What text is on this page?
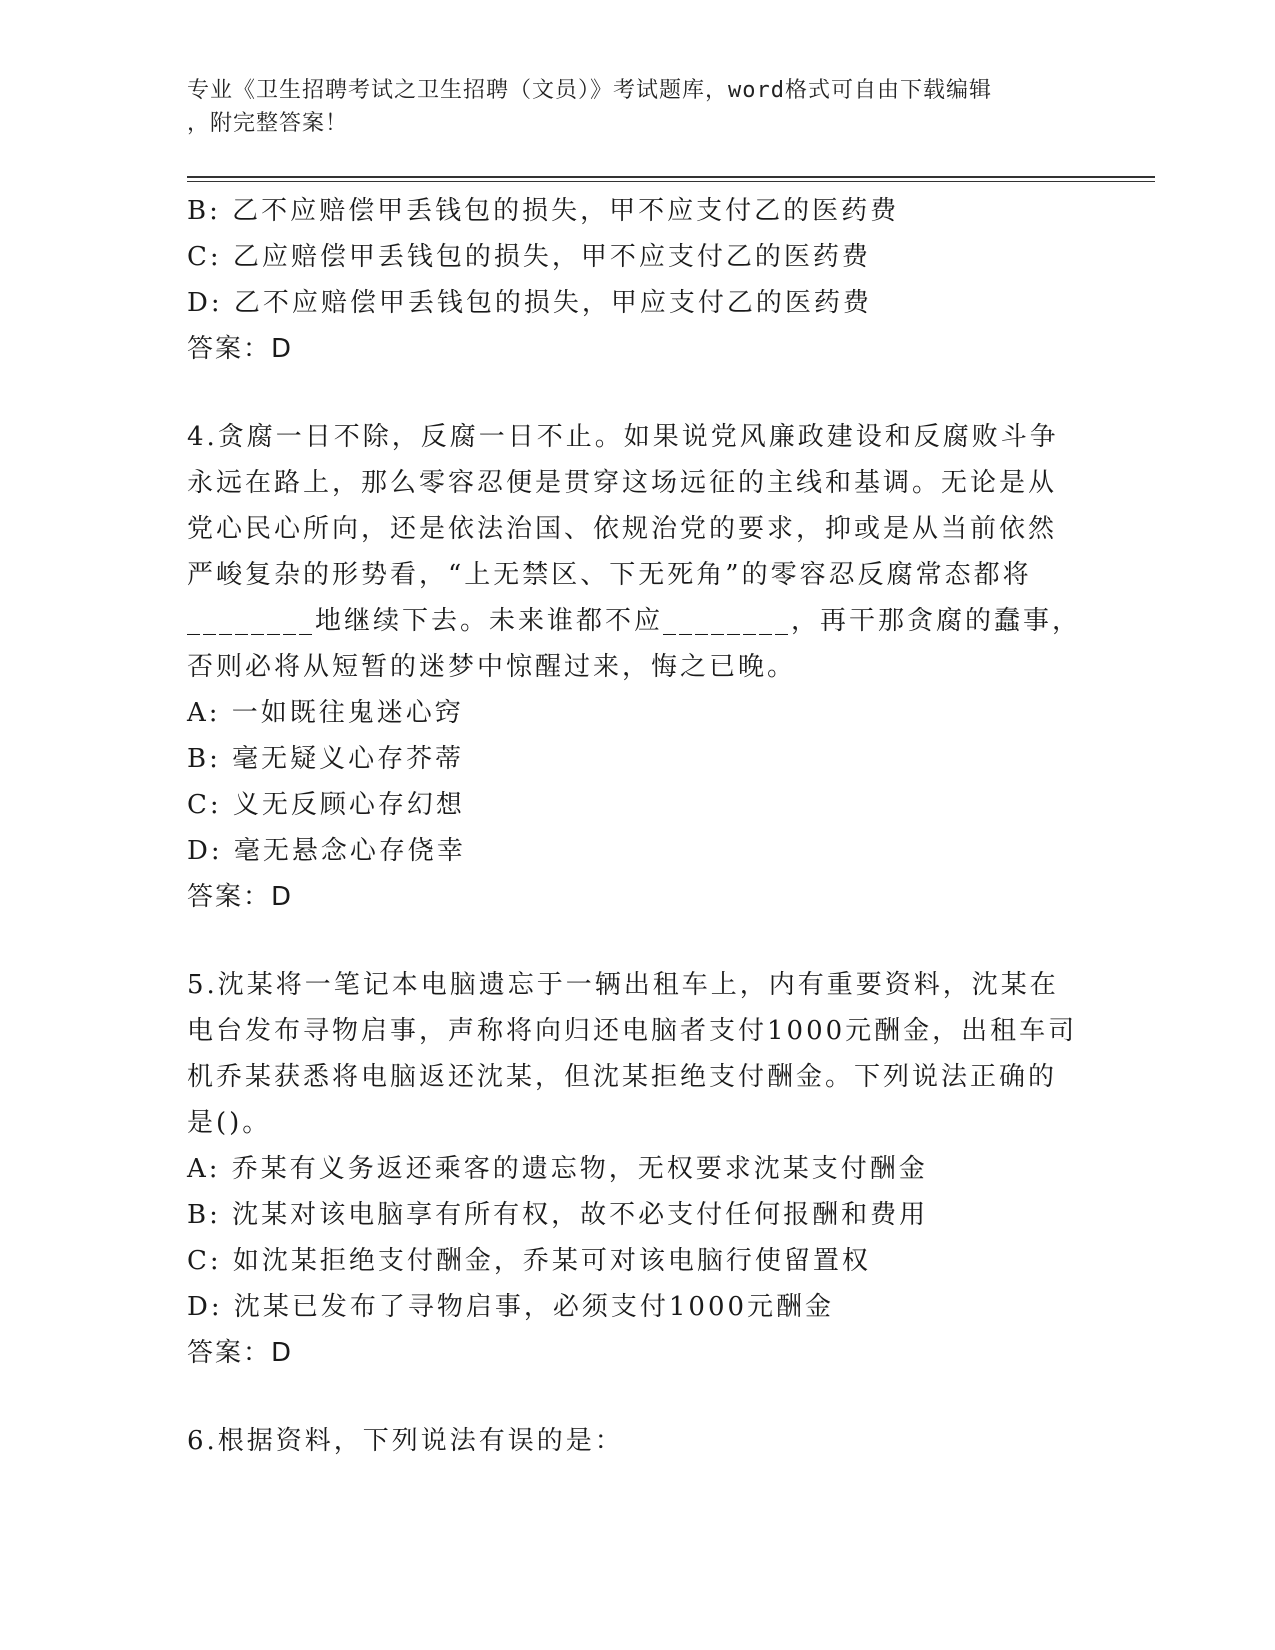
专业《卫生招聘考试之卫生招聘（文员）》考试题库，word格式可自由下载编辑
，附完整答案！
B: 乙不应赔偿甲丢钱包的损失，甲不应支付乙的医药费
C: 乙应赔偿甲丢钱包的损失，甲不应支付乙的医药费
D: 乙不应赔偿甲丢钱包的损失，甲应支付乙的医药费
答案：D
4.贪腐一日不除，反腐一日不止。如果说党风廉政建设和反腐败斗争
永远在路上，那么零容忍便是贯穿这场远征的主线和基调。无论是从
党心民心所向，还是依法治国、依规治党的要求，抑或是从当前依然
严峻复杂的形势看，“上无禁区、下无死角”的零容忍反腐常态都将
________地继续下去。未来谁都不应________，再干那贪腐的蠢事，
否则必将从短暂的迷梦中惊醒过来，悔之已晚。
A: 一如既往鬼迷心窍
B: 毫无疑义心存芥蒂
C: 义无反顾心存幻想
D: 毫无悬念心存侥幸
答案：D
5.沈某将一笔记本电脑遗忘于一辆出租车上，内有重要资料，沈某在
电台发布寻物启事，声称将向归还电脑者支付1000元酬金，出租车司
机乔某获悉将电脑返还沈某，但沈某拒绝支付酬金。下列说法正确的
是()。
A: 乔某有义务返还乘客的遗忘物，无权要求沈某支付酬金
B: 沈某对该电脑享有所有权，故不必支付任何报酬和费用
C: 如沈某拒绝支付酬金，乔某可对该电脑行使留置权
D: 沈某已发布了寻物启事，必须支付1000元酬金
答案：D
6.根据资料，下列说法有误的是：
